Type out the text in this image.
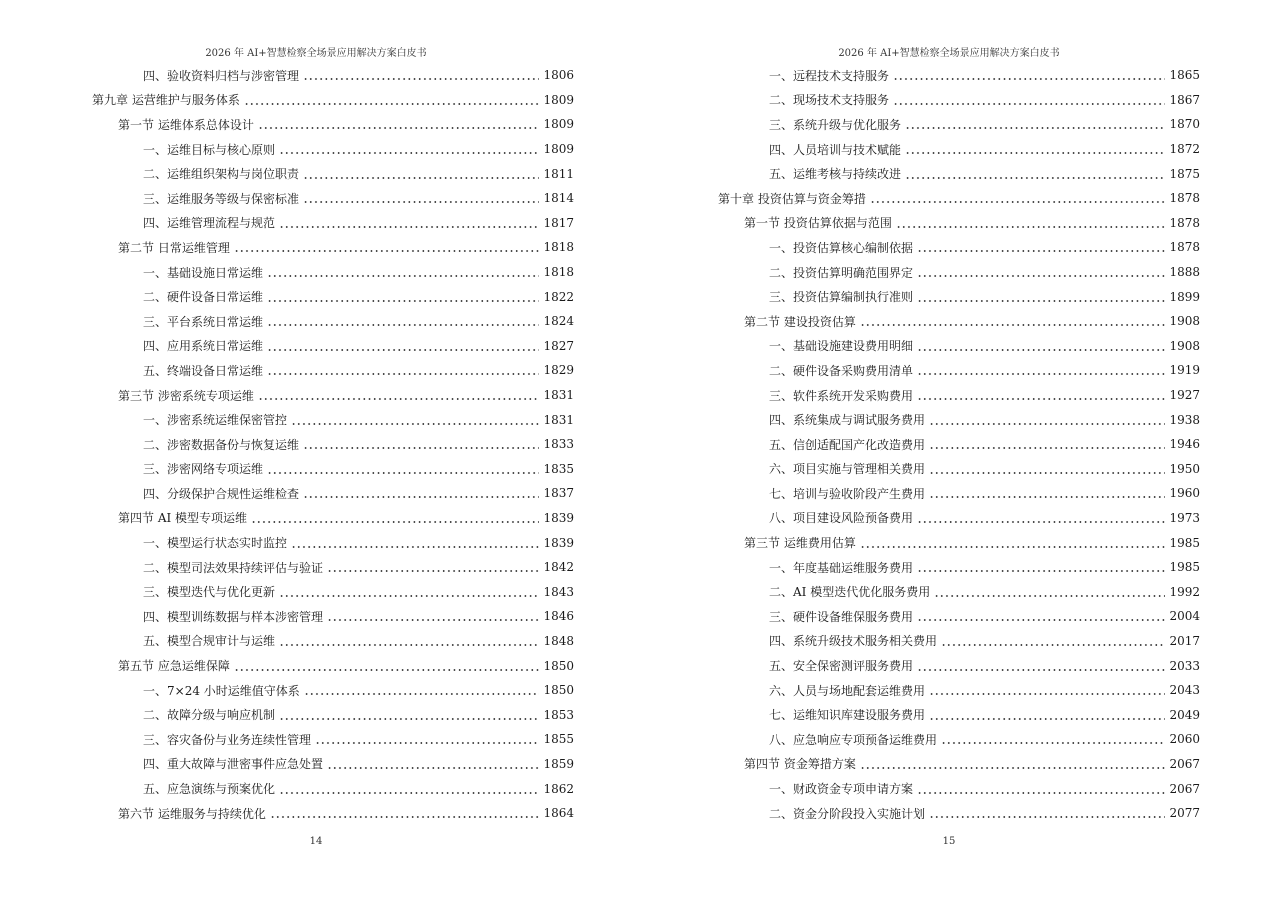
2026 年 AI+智慧检察全场景应用解决方案白皮书
四、验收资料归档与涉密管理	1806
第九章 运营维护与服务体系	1809
第一节 运维体系总体设计	1809
一、运维目标与核心原则	1809
二、运维组织架构与岗位职责	1811
三、运维服务等级与保密标准	1814
四、运维管理流程与规范	1817
第二节 日常运维管理	1818
一、基础设施日常运维	1818
二、硬件设备日常运维	1822
三、平台系统日常运维	1824
四、应用系统日常运维	1827
五、终端设备日常运维	1829
第三节 涉密系统专项运维	1831
一、涉密系统运维保密管控	1831
二、涉密数据备份与恢复运维	1833
三、涉密网络专项运维	1835
四、分级保护合规性运维检查	1837
第四节 AI 模型专项运维	1839
一、模型运行状态实时监控	1839
二、模型司法效果持续评估与验证	1842
三、模型迭代与优化更新	1843
四、模型训练数据与样本涉密管理	1846
五、模型合规审计与运维	1848
第五节 应急运维保障	1850
一、7×24 小时运维值守体系	1850
二、故障分级与响应机制	1853
三、容灾备份与业务连续性管理	1855
四、重大故障与泄密事件应急处置	1859
五、应急演练与预案优化	1862
第六节 运维服务与持续优化	1864
14
2026 年 AI+智慧检察全场景应用解决方案白皮书
一、远程技术支持服务	1865
二、现场技术支持服务	1867
三、系统升级与优化服务	1870
四、人员培训与技术赋能	1872
五、运维考核与持续改进	1875
第十章 投资估算与资金筹措	1878
第一节 投资估算依据与范围	1878
一、投资估算核心编制依据	1878
二、投资估算明确范围界定	1888
三、投资估算编制执行准则	1899
第二节 建设投资估算	1908
一、基础设施建设费用明细	1908
二、硬件设备采购费用清单	1919
三、软件系统开发采购费用	1927
四、系统集成与调试服务费用	1938
五、信创适配国产化改造费用	1946
六、项目实施与管理相关费用	1950
七、培训与验收阶段产生费用	1960
八、项目建设风险预备费用	1973
第三节 运维费用估算	1985
一、年度基础运维服务费用	1985
二、AI 模型迭代优化服务费用	1992
三、硬件设备维保服务费用	2004
四、系统升级技术服务相关费用	2017
五、安全保密测评服务费用	2033
六、人员与场地配套运维费用	2043
七、运维知识库建设服务费用	2049
八、应急响应专项预备运维费用	2060
第四节 资金筹措方案	2067
一、财政资金专项申请方案	2067
二、资金分阶段投入实施计划	2077
15
